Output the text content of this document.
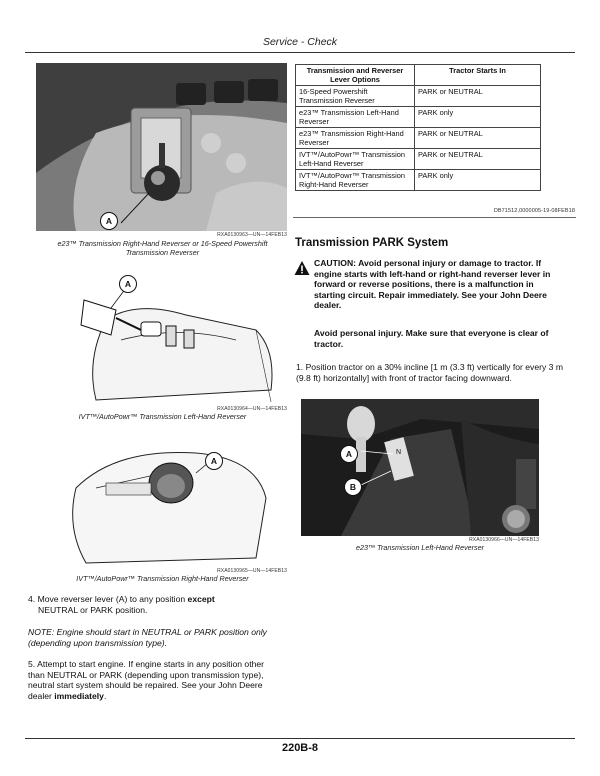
Service - Check
A
RXA0130963—UN—14FEB13
e23™ Transmission Right-Hand Reverser or 16-Speed Powershift Transmission Reverser
A
RXA0130964—UN—14FEB13
IVT™/AutoPowr™ Transmission Left-Hand Reverser
A
RXA0130965—UN—14FEB13
IVT™/AutoPowr™ Transmission Right-Hand Reverser
4. Move reverser lever (A) to any position except
NEUTRAL or PARK position.
NOTE: Engine should start in NEUTRAL or PARK position only (depending upon transmission type).
5. Attempt to start engine. If engine starts in any position other than NEUTRAL or PARK (depending upon transmission type), neutral start system should be repaired. See your John Deere dealer immediately.
Transmission and Reverser Lever Options	Tractor Starts In
16-Speed Powershift Transmission Reverser	PARK or NEUTRAL
e23™ Transmission Left-Hand Reverser	PARK only
e23™ Transmission Right-Hand Reverser	PARK or NEUTRAL
IVT™/AutoPowr™ Transmission Left-Hand Reverser	PARK or NEUTRAL
IVT™/AutoPowr™ Transmission Right-Hand Reverser	PARK only
DB71512,0000005-19-08FEB18
Transmission PARK System
CAUTION: Avoid personal injury or damage to tractor. If engine starts with left-hand or right-hand reverser lever in forward or reverse positions, there is a malfunction in starting circuit. Repair immediately. See your John Deere dealer.
Avoid personal injury. Make sure that everyone is clear of tractor.
1. Position tractor on a 30% incline [1 m (3.3 ft) vertically for every 3 m (9.8 ft) horizontally] with front of tractor facing downward.
N
A
B
RXA0130966—UN—14FEB13
e23™ Transmission Left-Hand Reverser
220B-8
